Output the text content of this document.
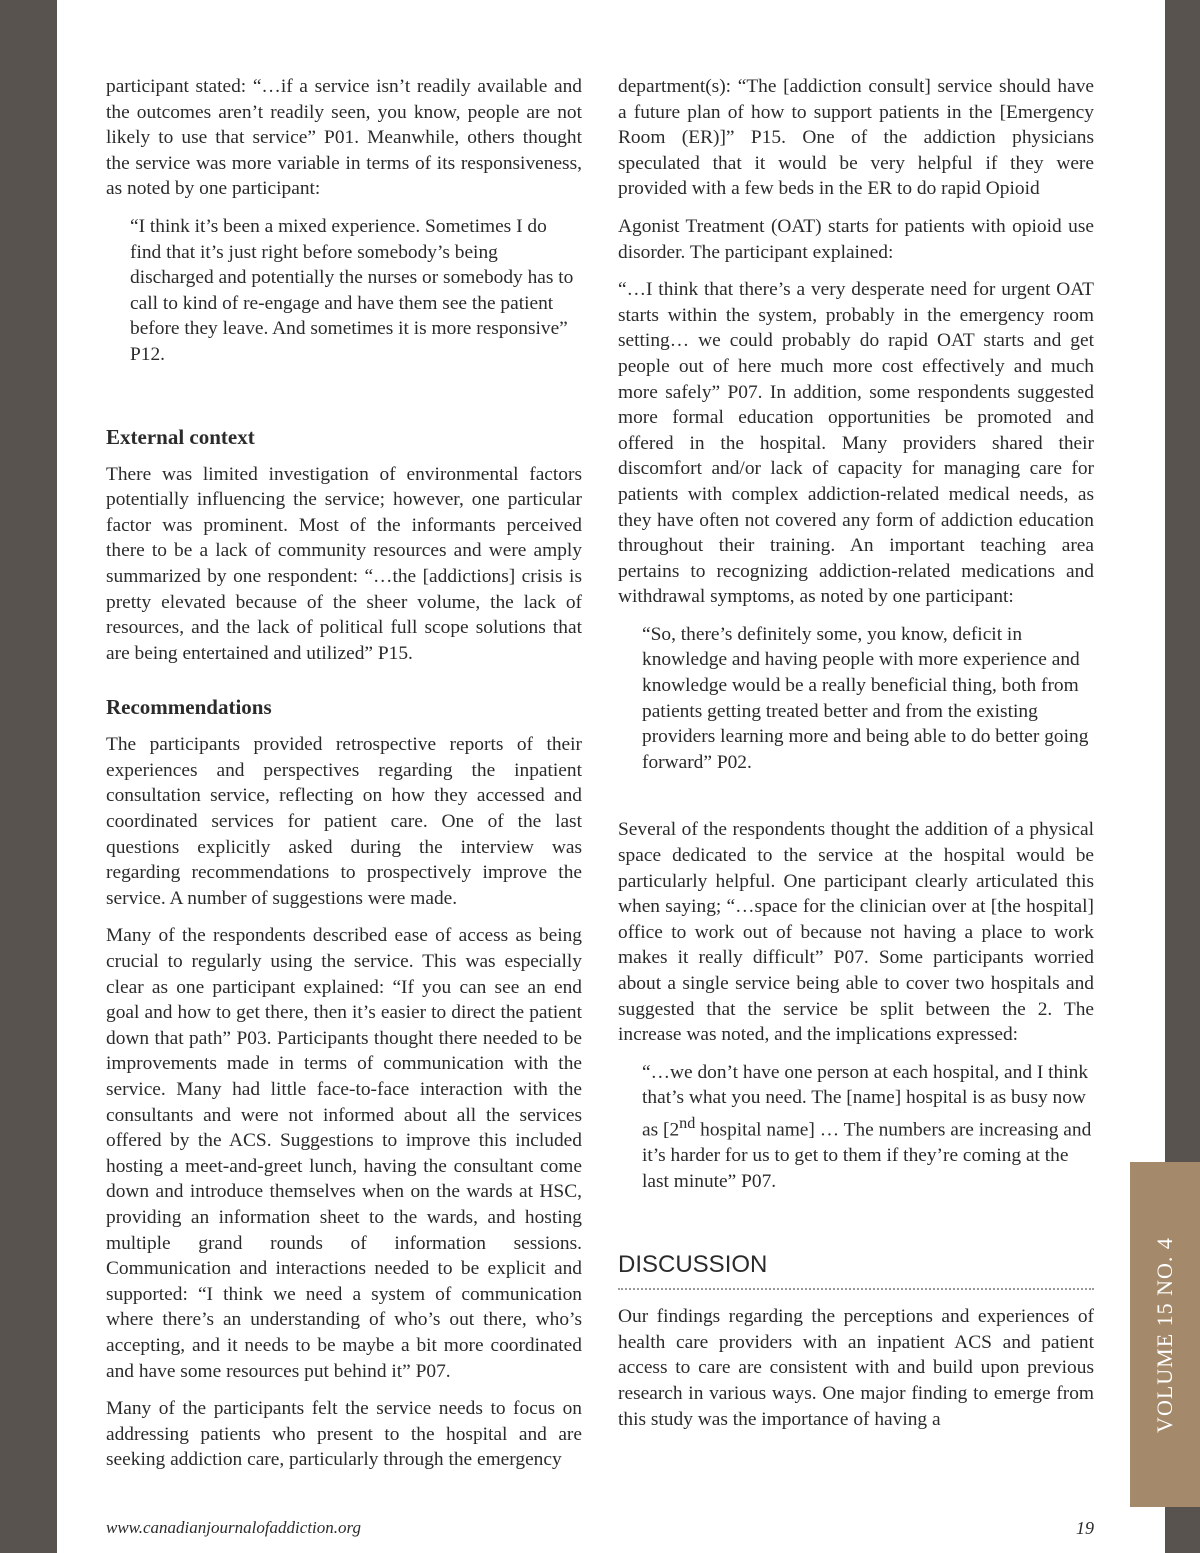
VOLUME 15 NO. 4

participant stated: “…if a service isn’t readily available and the outcomes aren’t readily seen, you know, people are not likely to use that service” P01. Meanwhile, others thought the service was more variable in terms of its responsiveness, as noted by one participant:

“I think it’s been a mixed experience. Sometimes I do find that it’s just right before somebody’s being discharged and potentially the nurses or somebody has to call to kind of re-engage and have them see the patient before they leave. And sometimes it is more responsive” P12.

External context

There was limited investigation of environmental factors potentially influencing the service; however, one particular factor was prominent. Most of the informants perceived there to be a lack of community resources and were amply summarized by one respondent: “…the [addictions] crisis is pretty elevated because of the sheer volume, the lack of resources, and the lack of political full scope solutions that are being entertained and utilized” P15.

Recommendations

The participants provided retrospective reports of their experiences and perspectives regarding the inpatient consultation service, reflecting on how they accessed and coordinated services for patient care. One of the last questions explicitly asked during the interview was regarding recommendations to prospectively improve the service. A number of suggestions were made.

Many of the respondents described ease of access as being crucial to regularly using the service. This was especially clear as one participant explained: “If you can see an end goal and how to get there, then it’s easier to direct the patient down that path” P03. Participants thought there needed to be improvements made in terms of communication with the service. Many had little face-to-face interaction with the consultants and were not informed about all the services offered by the ACS. Suggestions to improve this included hosting a meet-and-greet lunch, having the consultant come down and introduce themselves when on the wards at HSC, providing an information sheet to the wards, and hosting multiple grand rounds of information sessions. Communication and interactions needed to be explicit and supported: “I think we need a system of communication where there’s an understanding of who’s out there, who’s accepting, and it needs to be maybe a bit more coordinated and have some resources put behind it” P07.

Many of the participants felt the service needs to focus on addressing patients who present to the hospital and are seeking addiction care, particularly through the emergency

department(s): “The [addiction consult] service should have a future plan of how to support patients in the [Emergency Room (ER)]” P15. One of the addiction physicians speculated that it would be very helpful if they were provided with a few beds in the ER to do rapid Opioid

Agonist Treatment (OAT) starts for patients with opioid use disorder. The participant explained:

“…I think that there’s a very desperate need for urgent OAT starts within the system, probably in the emergency room setting… we could probably do rapid OAT starts and get people out of here much more cost effectively and much more safely” P07. In addition, some respondents suggested more formal education opportunities be promoted and offered in the hospital. Many providers shared their discomfort and/or lack of capacity for managing care for patients with complex addiction-related medical needs, as they have often not covered any form of addiction education throughout their training. An important teaching area pertains to recognizing addiction-related medications and withdrawal symptoms, as noted by one participant:

“So, there’s definitely some, you know, deficit in knowledge and having people with more experience and knowledge would be a really beneficial thing, both from patients getting treated better and from the existing providers learning more and being able to do better going forward” P02.

Several of the respondents thought the addition of a physical space dedicated to the service at the hospital would be particularly helpful. One participant clearly articulated this when saying; “…space for the clinician over at [the hospital] office to work out of because not having a place to work makes it really difficult” P07. Some participants worried about a single service being able to cover two hospitals and suggested that the service be split between the 2. The increase was noted, and the implications expressed:

“…we don’t have one person at each hospital, and I think that’s what you need. The [name] hospital is as busy now as [2nd hospital name] … The numbers are increasing and it’s harder for us to get to them if they’re coming at the last minute” P07.

DISCUSSION

Our findings regarding the perceptions and experiences of health care providers with an inpatient ACS and patient access to care are consistent with and build upon previous research in various ways. One major finding to emerge from this study was the importance of having a

www.canadianjournalofaddiction.org	19
